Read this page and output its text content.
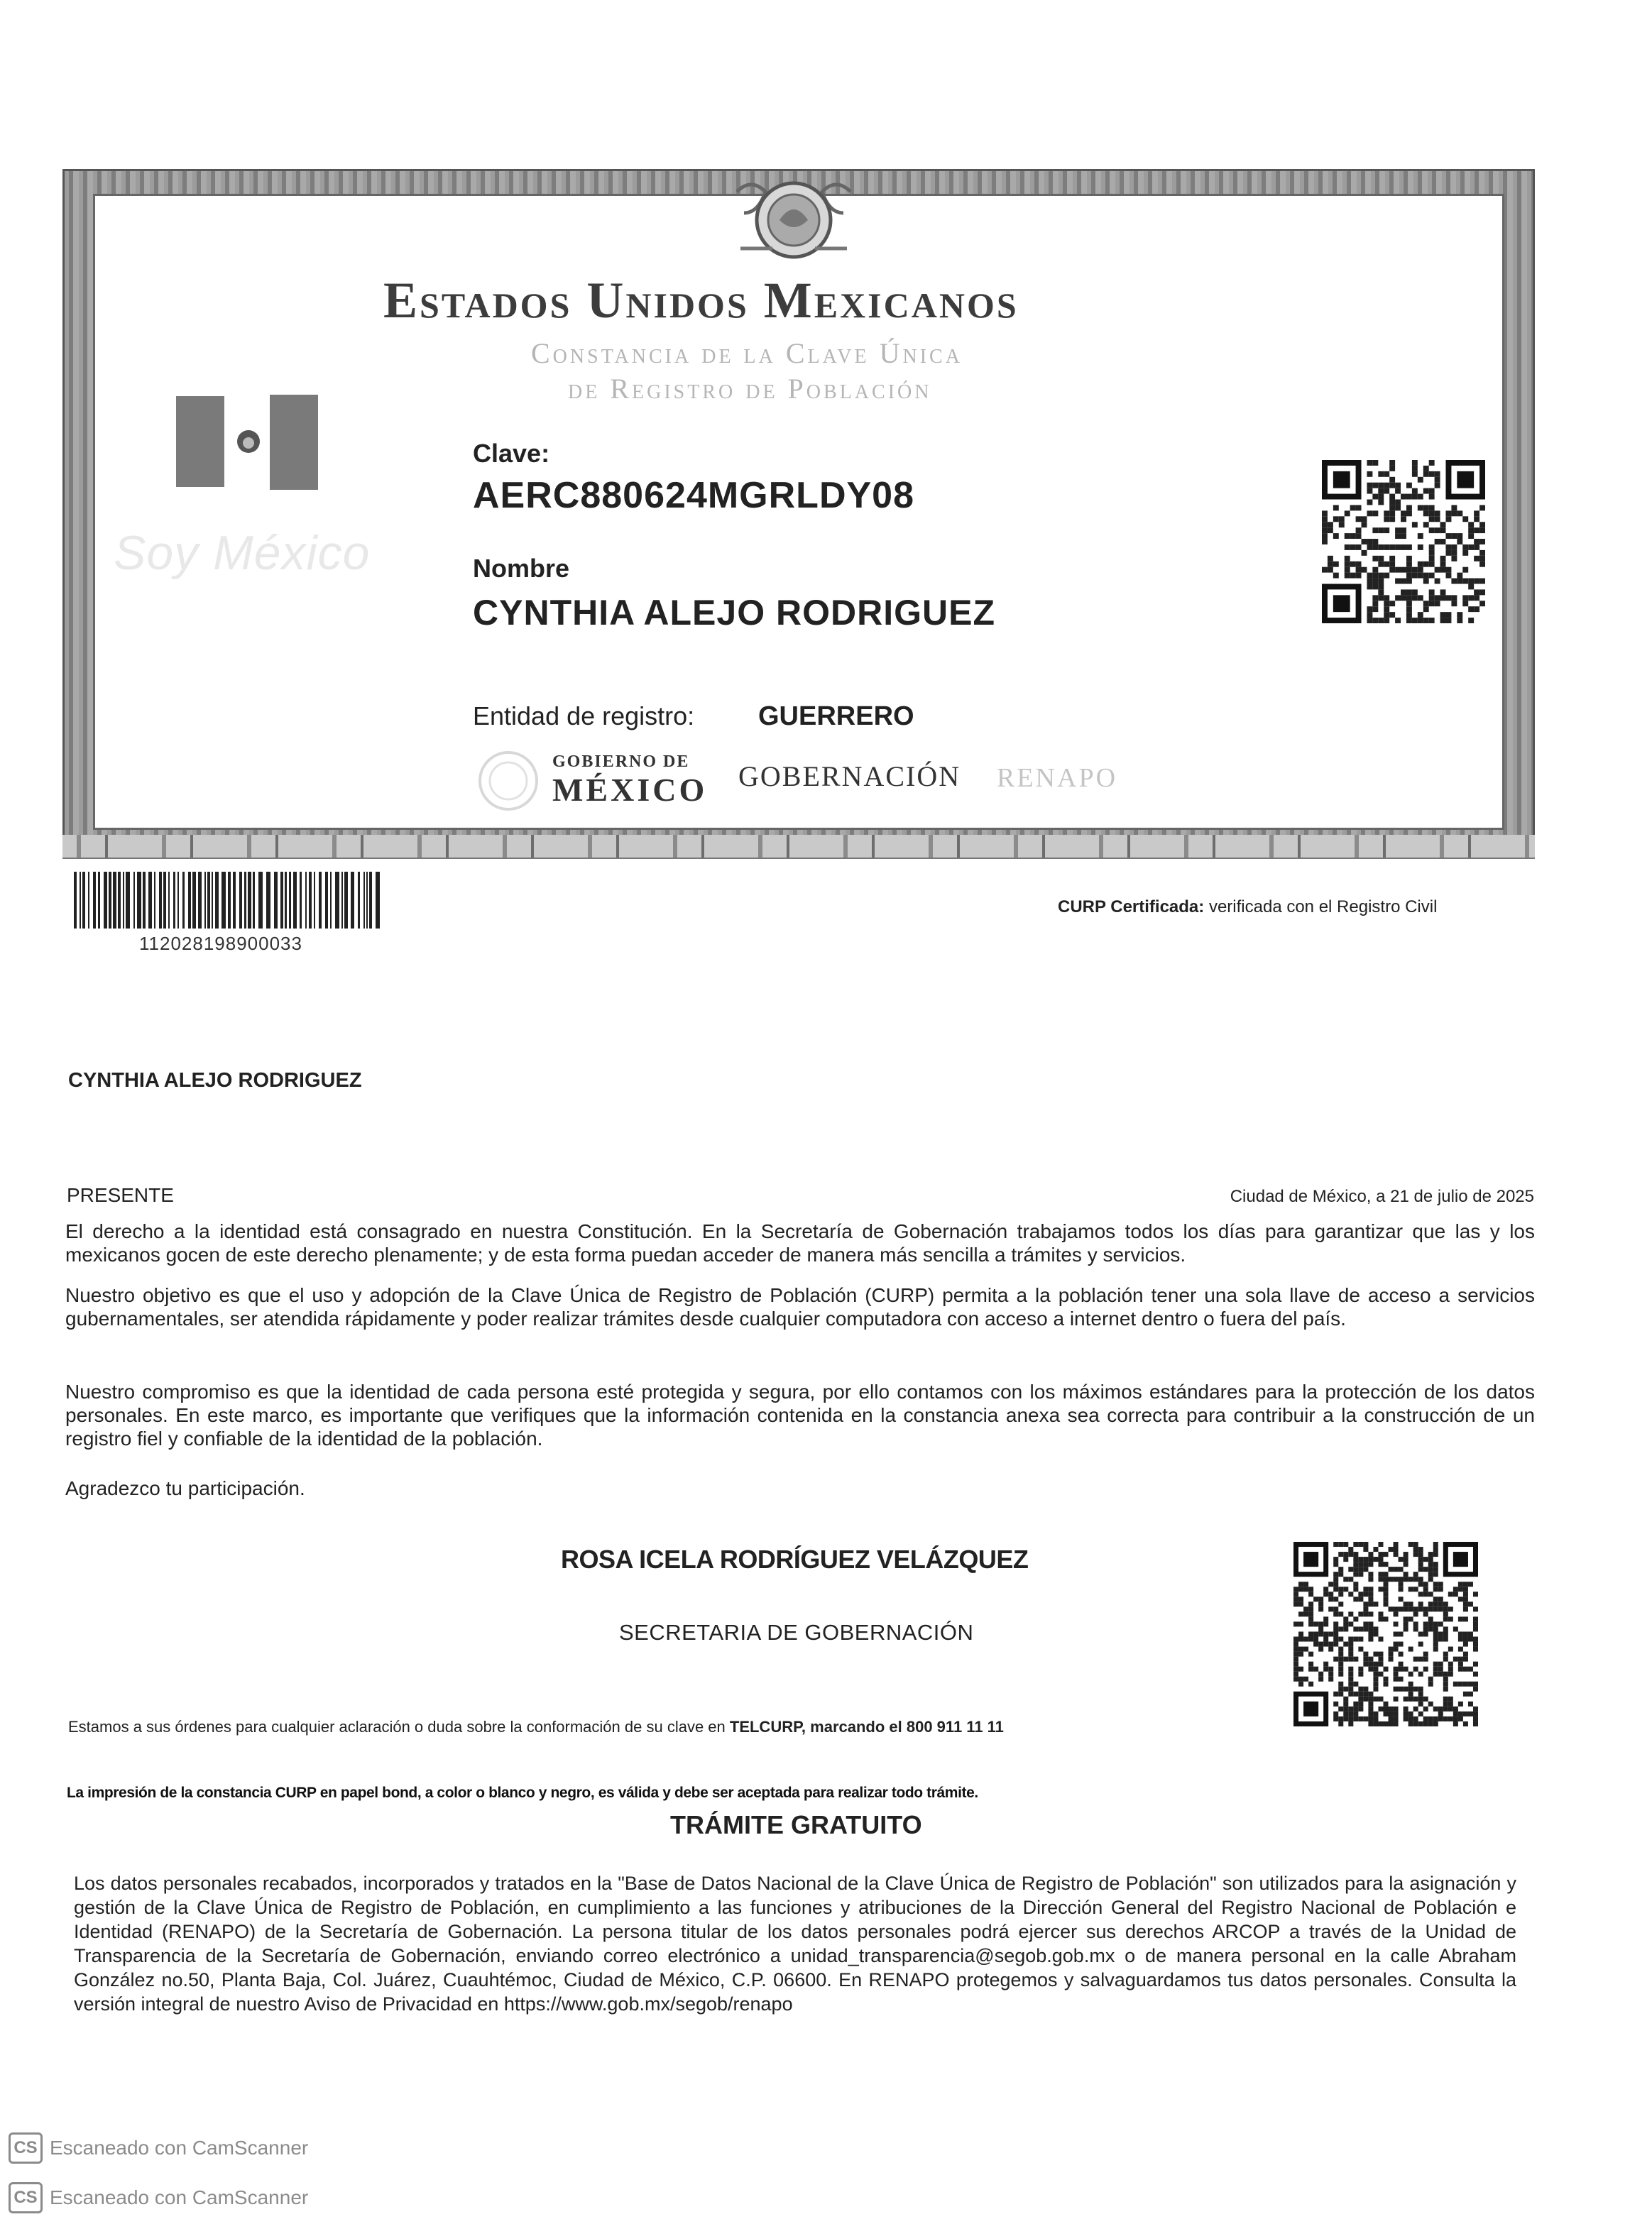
Estados Unidos Mexicanos
Constancia de la Clave Única
de Registro de Población
Soy México
Clave:
AERC880624MGRLDY08
Nombre
CYNTHIA ALEJO RODRIGUEZ
Entidad de registro: GUERRERO
GOBIERNO DE
MÉXICO GOBERNACIÓN RENAPO
112028198900033
CURP Certificada: verificada con el Registro Civil
CYNTHIA ALEJO RODRIGUEZ
PRESENTE	Ciudad de México, a 21 de julio de 2025

El derecho a la identidad está consagrado en nuestra Constitución. En la Secretaría de Gobernación trabajamos todos los días para garantizar que las y los mexicanos gocen de este derecho plenamente; y de esta forma puedan acceder de manera más sencilla a trámites y servicios.

Nuestro objetivo es que el uso y adopción de la Clave Única de Registro de Población (CURP) permita a la población tener una sola llave de acceso a servicios gubernamentales, ser atendida rápidamente y poder realizar trámites desde cualquier computadora con acceso a internet dentro o fuera del país.

Nuestro compromiso es que la identidad de cada persona esté protegida y segura, por ello contamos con los máximos estándares para la protección de los datos personales. En este marco, es importante que verifiques que la información contenida en la constancia anexa sea correcta para contribuir a la construcción de un registro fiel y confiable de la identidad de la población.

Agradezco tu participación.

ROSA ICELA RODRÍGUEZ VELÁZQUEZ
SECRETARIA DE GOBERNACIÓN
Estamos a sus órdenes para cualquier aclaración o duda sobre la conformación de su clave en TELCURP, marcando el 800 911 11 11
La impresión de la constancia CURP en papel bond, a color o blanco y negro, es válida y debe ser aceptada para realizar todo trámite.
TRÁMITE GRATUITO

Los datos personales recabados, incorporados y tratados en la "Base de Datos Nacional de la Clave Única de Registro de Población" son utilizados para la asignación y gestión de la Clave Única de Registro de Población, en cumplimiento a las funciones y atribuciones de la Dirección General del Registro Nacional de Población e Identidad (RENAPO) de la Secretaría de Gobernación. La persona titular de los datos personales podrá ejercer sus derechos ARCOP a través de la Unidad de Transparencia de la Secretaría de Gobernación, enviando correo electrónico a unidad_transparencia@segob.gob.mx o de manera personal en la calle Abraham González no.50, Planta Baja, Col. Juárez, Cuauhtémoc, Ciudad de México, C.P. 06600. En RENAPO protegemos y salvaguardamos tus datos personales. Consulta la versión integral de nuestro Aviso de Privacidad en https://www.gob.mx/segob/renapo

CS Escaneado con CamScanner
CS Escaneado con CamScanner
